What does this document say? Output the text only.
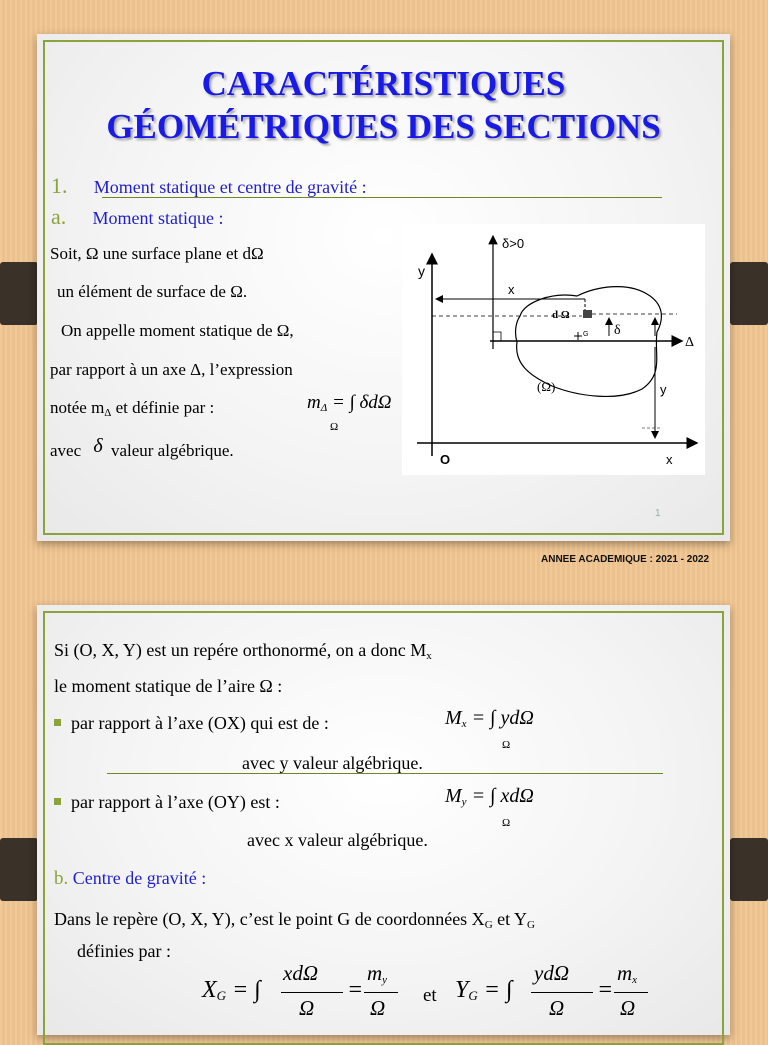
CARACTÉRISTIQUES
GÉOMÉTRIQUES DES SECTIONS
1. Moment statique et centre de gravité :
a. Moment statique :
Soit, Ω une surface plane et dΩ
un élément de surface de Ω.
On appelle moment statique de Ω,
par rapport à un axe Δ, l’expression
notée $m_\Delta$ et définie par :	$m_\Delta$ = ∫ δdΩ
Ω
avec δ valeur algébrique.
δ>0
y
x
d Ω
G δ
Δ
(Ω)	y
O	x
1
ANNEE ACADEMIQUE : 2021 - 2022
Si (O, X, Y) est un repére orthonormé, on a donc $M_x$
le moment statique de l’aire Ω :
par rapport à l’axe (OX) qui est de :	$M_x$ = ∫ ydΩ
Ω
avec y valeur algébrique.
par rapport à l’axe (OY) est :	$M_y$ = ∫ xdΩ
Ω
avec x valeur algébrique.
b. Centre de gravité :
Dans le repère (O, X, Y), c’est le point G de coordonnées $X_G$ et $Y_G$
définies par :
$X_G$ = ∫
xdΩ
Ω
=
$m_y$
Ω
et $Y_G$ = ∫
ydΩ
Ω
=
$m_x$
Ω
